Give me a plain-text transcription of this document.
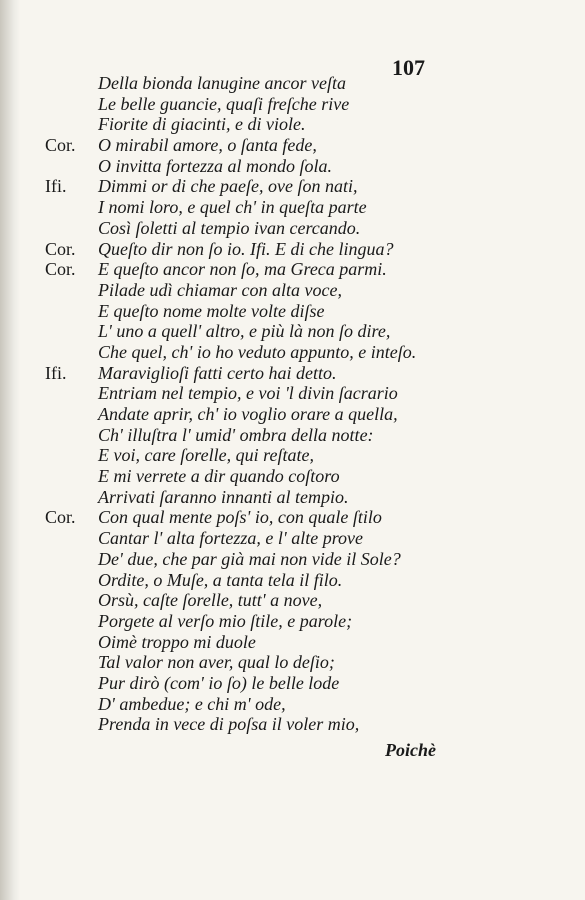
107
Della bionda lanugine ancor veſta
Le belle guancie, quaſi freſche rive
Fiorite di giacinti, e di viole.
Cor. O mirabil amore, o ſanta fede,
O invitta fortezza al mondo ſola.
Ifi. Dimmi or di che paeſe, ove ſon nati,
I nomi loro, e quel ch' in queſta parte
Così ſoletti al tempio ivan cercando.
Cor. Queſto dir non ſo io. Ifi. E di che lingua?
Cor. E queſto ancor non ſo, ma Greca parmi.
Pilade udì chiamar con alta voce,
E queſto nome molte volte diſse
L' uno a quell' altro, e più là non ſo dire,
Che quel, ch' io ho veduto appunto, e inteſo.
Ifi. Maraviglioſi fatti certo hai detto.
Entriam nel tempio, e voi 'l divin ſacrario
Andate aprir, ch' io voglio orare a quella,
Ch' illuſtra l' umid' ombra della notte:
E voi, care ſorelle, qui reſtate,
E mi verrete a dir quando coſtoro
Arrivati ſaranno innanti al tempio.
Cor. Con qual mente poſs' io, con quale ſtilo
Cantar l' alta fortezza, e l' alte prove
De' due, che par già mai non vide il Sole?
Ordite, o Muſe, a tanta tela il filo.
Orsù, caſte ſorelle, tutt' a nove,
Porgete al verſo mio ſtile, e parole;
Oimè troppo mi duole
Tal valor non aver, qual lo deſio;
Pur dirò (com' io ſo) le belle lode
D' ambedue; e chi m' ode,
Prenda in vece di poſsa il voler mio,
Poichè
